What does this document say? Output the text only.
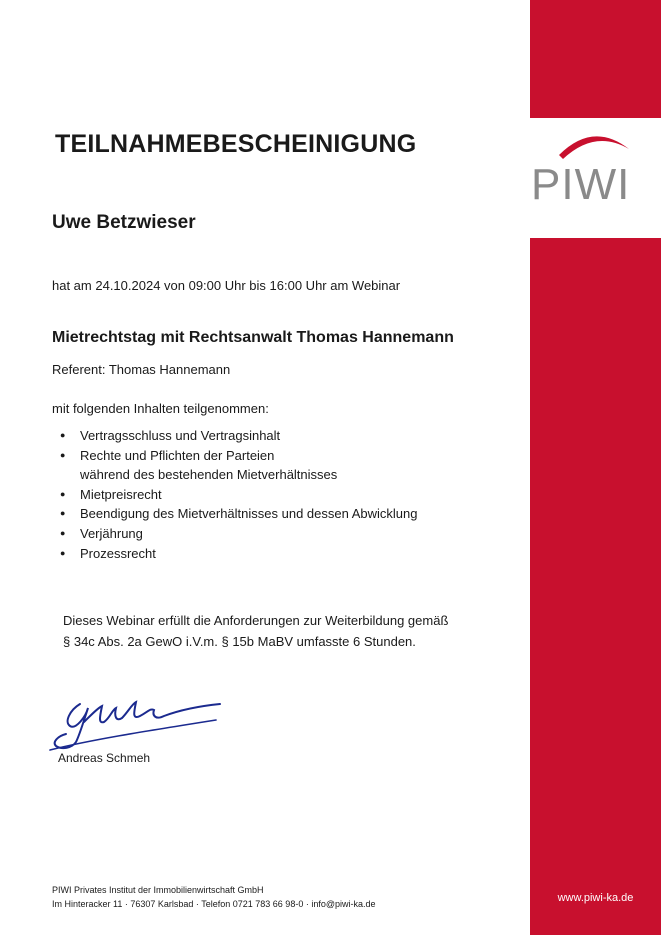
PIWI
www.piwi-ka.de
TEILNAHMEBESCHEINIGUNG
Uwe Betzwieser
hat am 24.10.2024 von 09:00 Uhr bis 16:00 Uhr am Webinar
Mietrechtstag mit Rechtsanwalt Thomas Hannemann
Referent: Thomas Hannemann
mit folgenden Inhalten teilgenommen:
● Vertragsschluss und Vertragsinhalt
● Rechte und Pflichten der Parteien
während des bestehenden Mietverhältnisses
● Mietpreisrecht
● Beendigung des Mietverhältnisses und dessen Abwicklung
● Verjährung
● Prozessrecht
Dieses Webinar erfüllt die Anforderungen zur Weiterbildung gemäß
§ 34c Abs. 2a GewO i.V.m. § 15b MaBV umfasste 6 Stunden.
Andreas Schmeh
PIWI Privates Institut der Immobilienwirtschaft GmbH
Im Hinteracker 11 · 76307 Karlsbad · Telefon 0721 783 66 98-0 · info@piwi-ka.de
